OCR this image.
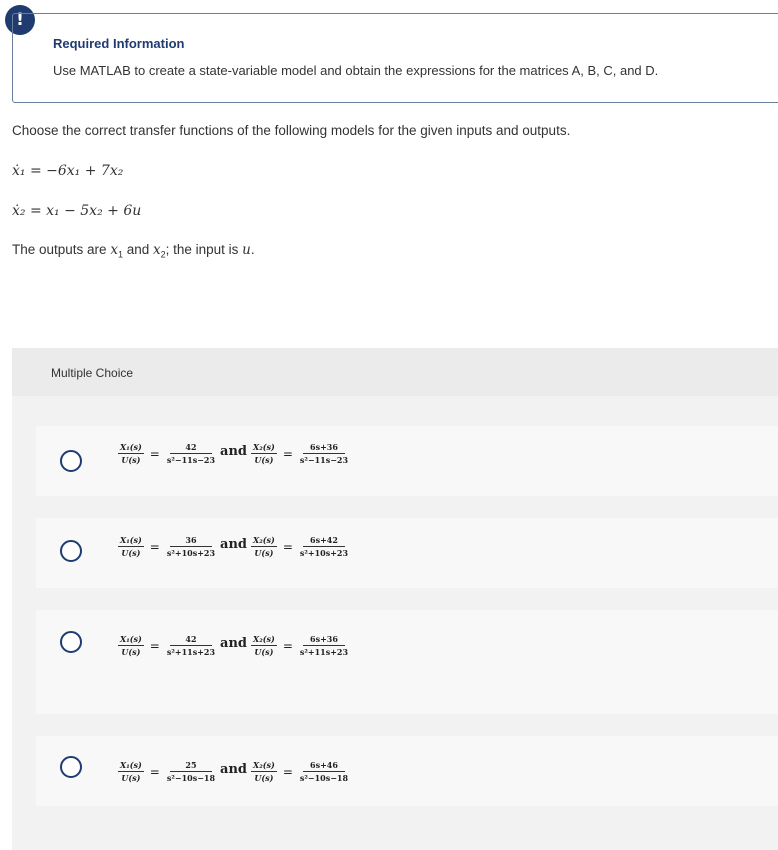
!
Required Information
Use MATLAB to create a state-variable model and obtain the expressions for the matrices A, B, C, and D.
Choose the correct transfer functions of the following models for the given inputs and outputs.
ẋ₁ = −6x₁ + 7x₂
ẋ₂ = x₁ − 5x₂ + 6u
The outputs are $x_1$ and $x_2$; the input is u.
Multiple Choice
$\frac{\text{X₁(s)}}{U(s)} = \frac{42}{\text{s²−11s−23}}$ and $\frac{\text{X₂(s)}}{U(s)} = \frac{6s+36}{\text{s²−11s−23}}$
$\frac{\text{X₁(s)}}{U(s)} = \frac{36}{\text{s²+10s+23}}$ and $\frac{\text{X₂(s)}}{U(s)} = \frac{6s+42}{\text{s²+10s+23}}$
$\frac{\text{X₁(s)}}{U(s)} = \frac{42}{\text{s²+11s+23}}$ and $\frac{\text{X₂(s)}}{U(s)} = \frac{6s+36}{\text{s²+11s+23}}$
$\frac{\text{X₁(s)}}{U(s)} = \frac{25}{\text{s²−10s−18}}$ and $\frac{\text{X₂(s)}}{U(s)} = \frac{6s+46}{\text{s²−10s−18}}$
